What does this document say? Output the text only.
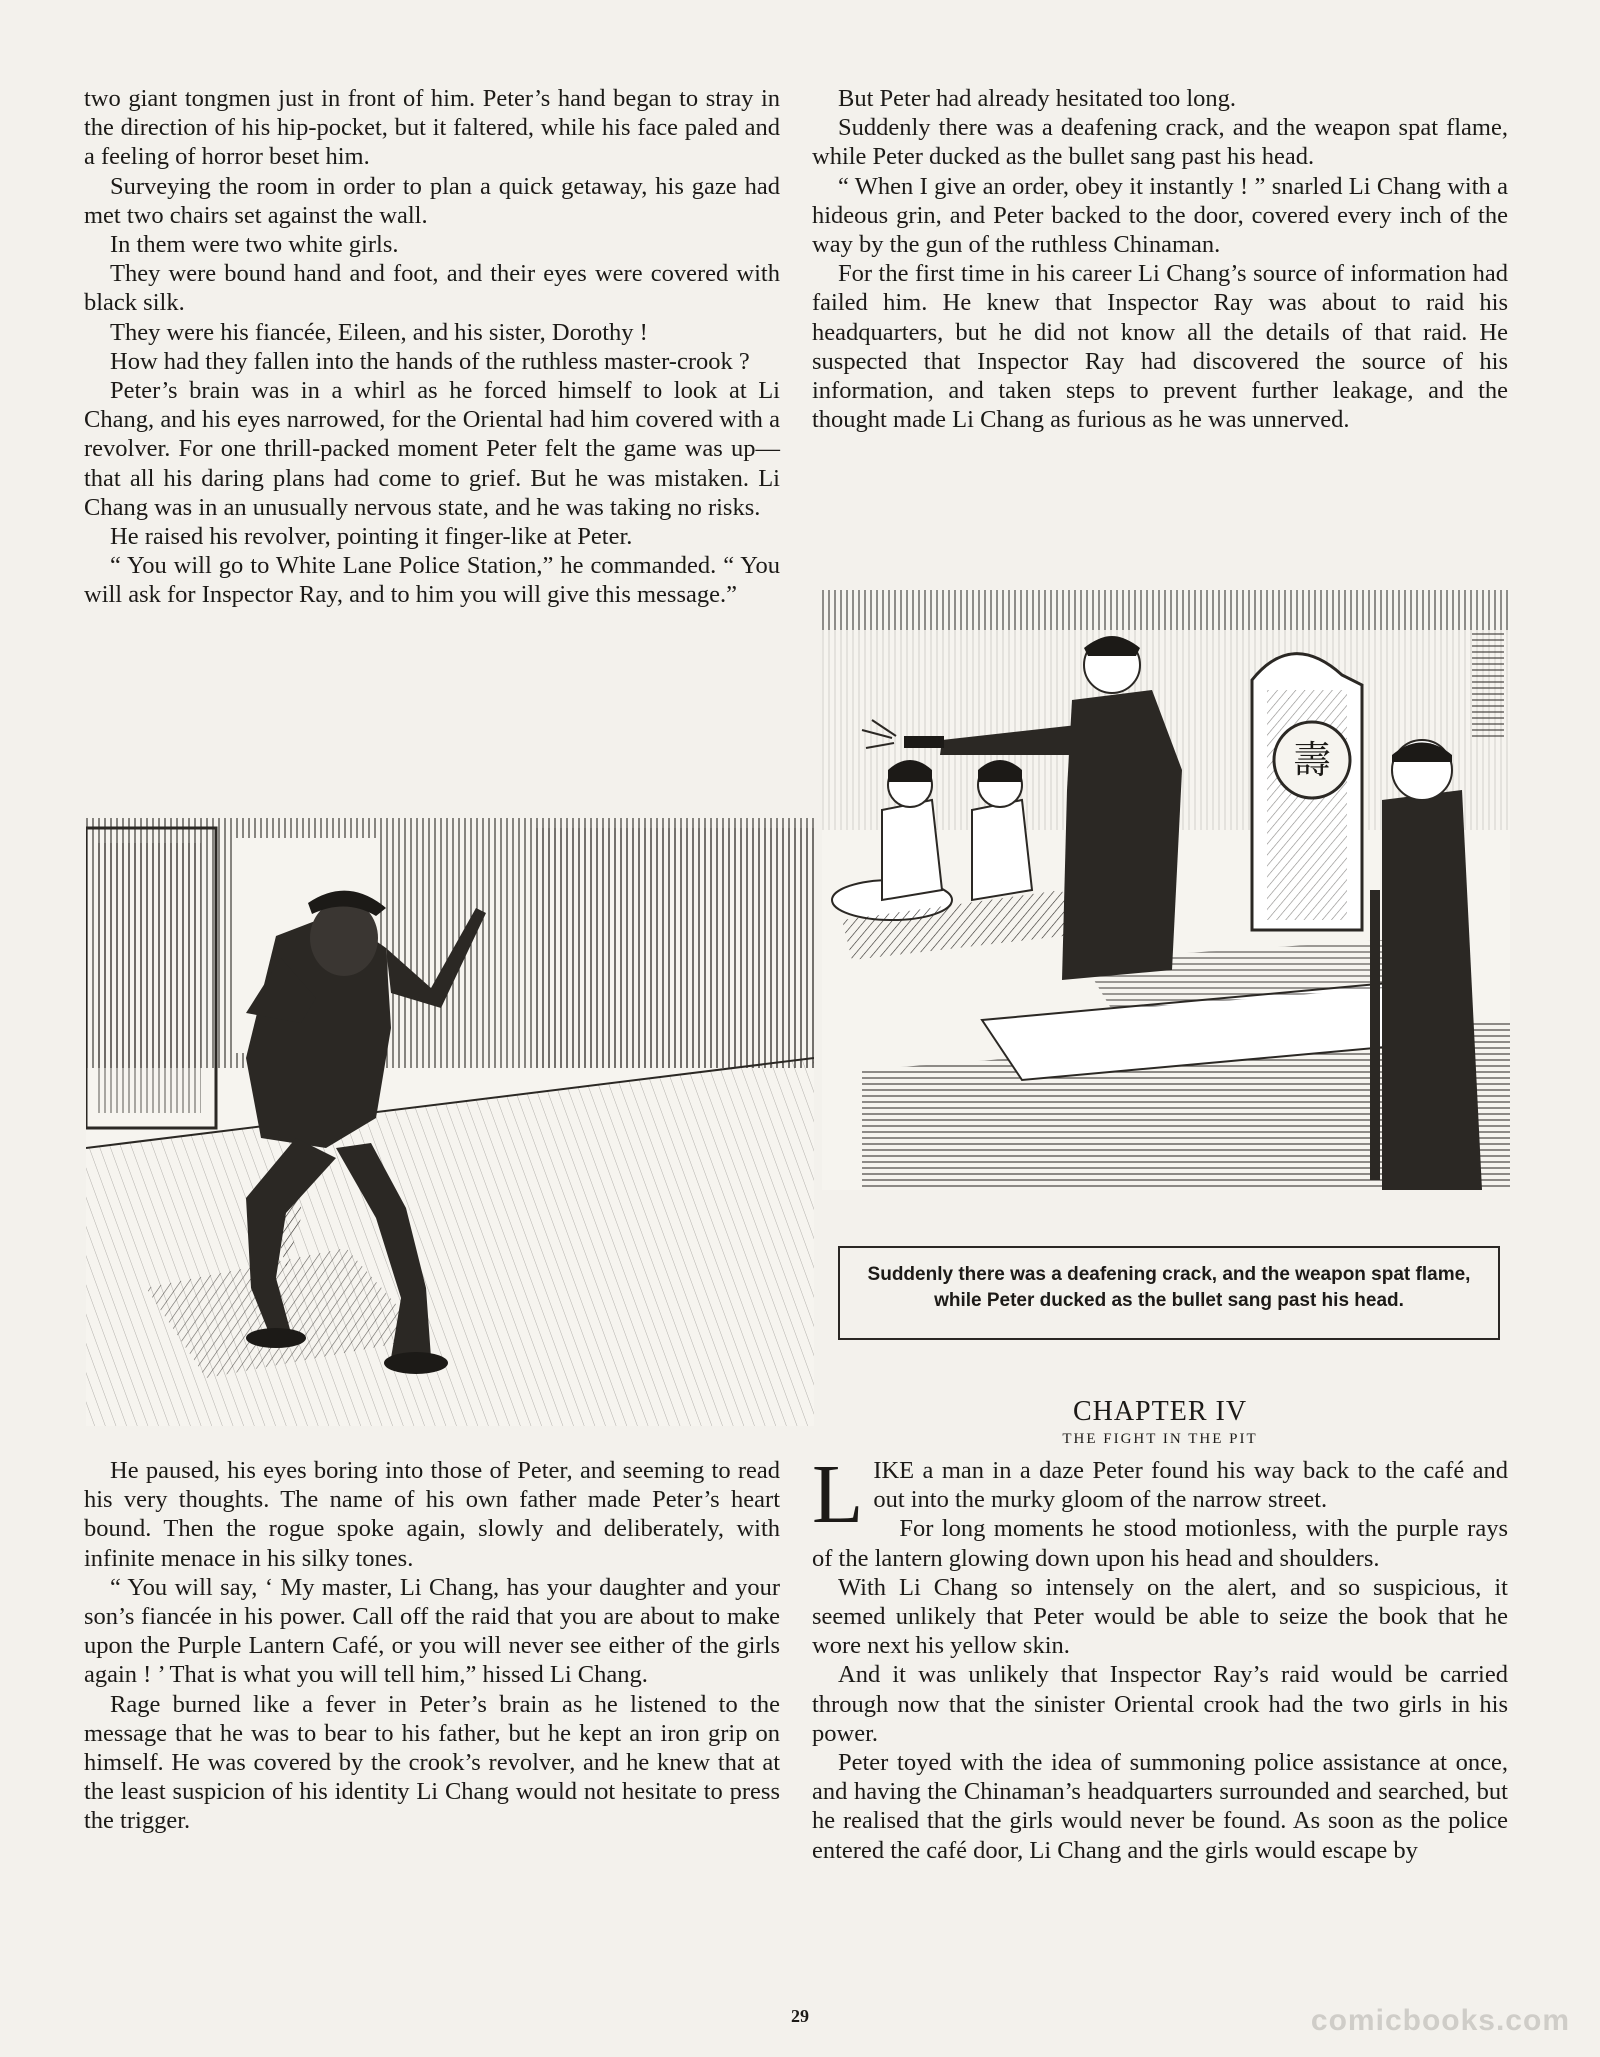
two giant tongmen just in front of him. Peter’s hand began to stray in the direction of his hip-pocket, but it faltered, while his face paled and a feeling of horror beset him.

Surveying the room in order to plan a quick getaway, his gaze had met two chairs set against the wall.

In them were two white girls.

They were bound hand and foot, and their eyes were covered with black silk.

They were his fiancée, Eileen, and his sister, Dorothy !

How had they fallen into the hands of the ruthless master-crook ?

Peter’s brain was in a whirl as he forced himself to look at Li Chang, and his eyes narrowed, for the Oriental had him covered with a revolver. For one thrill-packed moment Peter felt the game was up—that all his daring plans had come to grief. But he was mistaken. Li Chang was in an unusually nervous state, and he was taking no risks.

He raised his revolver, pointing it finger-like at Peter.

“ You will go to White Lane Police Station,” he commanded. “ You will ask for Inspector Ray, and to him you will give this message.”

But Peter had already hesitated too long.

Suddenly there was a deafening crack, and the weapon spat flame, while Peter ducked as the bullet sang past his head.

“ When I give an order, obey it instantly ! ” snarled Li Chang with a hideous grin, and Peter backed to the door, covered every inch of the way by the gun of the ruthless Chinaman.

For the first time in his career Li Chang’s source of information had failed him. He knew that Inspector Ray was about to raid his headquarters, but he did not know all the details of that raid. He suspected that Inspector Ray had discovered the source of his information, and taken steps to prevent further leakage, and the thought made Li Chang as furious as he was unnerved.

壽
Suddenly there was a deafening crack, and the weapon spat flame, while Peter ducked as the bullet sang past his head.

He paused, his eyes boring into those of Peter, and seeming to read his very thoughts. The name of his own father made Peter’s heart bound. Then the rogue spoke again, slowly and deliberately, with infinite menace in his silky tones.

“ You will say, ‘ My master, Li Chang, has your daughter and your son’s fiancée in his power. Call off the raid that you are about to make upon the Purple Lantern Café, or you will never see either of the girls again ! ’ That is what you will tell him,” hissed Li Chang.

Rage burned like a fever in Peter’s brain as he listened to the message that he was to bear to his father, but he kept an iron grip on himself. He was covered by the crook’s revolver, and he knew that at the least suspicion of his identity Li Chang would not hesitate to press the trigger.

CHAPTER IV
THE FIGHT IN THE PIT

LIKE a man in a daze Peter found his way back to the café and out into the murky gloom of the narrow street.

For long moments he stood motionless, with the purple rays of the lantern glowing down upon his head and shoulders.

With Li Chang so intensely on the alert, and so suspicious, it seemed unlikely that Peter would be able to seize the book that he wore next his yellow skin.

And it was unlikely that Inspector Ray’s raid would be carried through now that the sinister Oriental crook had the two girls in his power.

Peter toyed with the idea of summoning police assistance at once, and having the Chinaman’s headquarters surrounded and searched, but he realised that the girls would never be found. As soon as the police entered the café door, Li Chang and the girls would escape by

29	comicbooks.com
